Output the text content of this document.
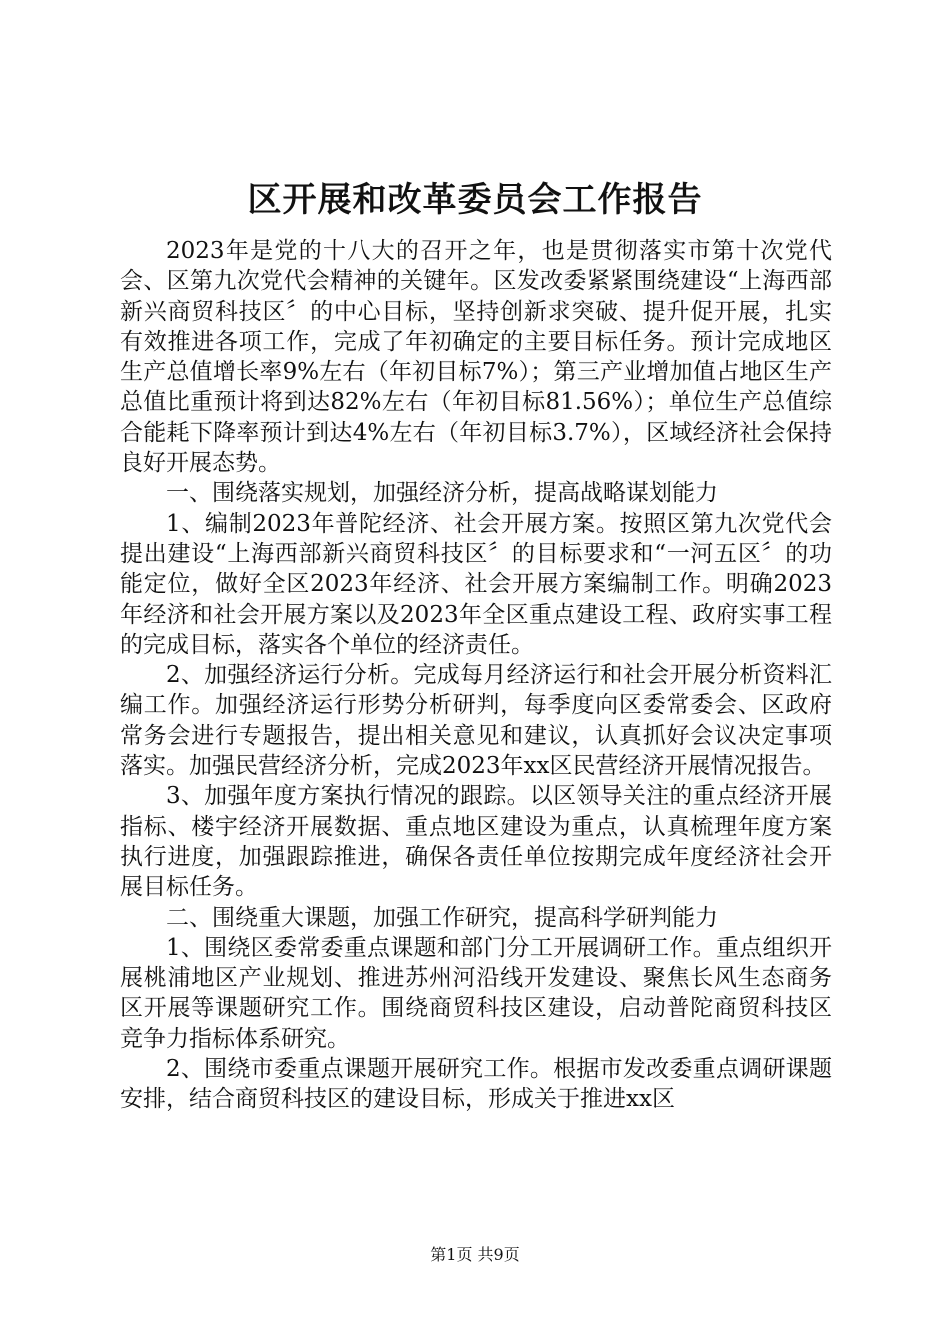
区开展和改革委员会工作报告

2023年是党的十八大的召开之年，也是贯彻落实市第十次党代会、区第九次党代会精神的关键年。区发改委紧紧围绕建设“上海西部新兴商贸科技区〞的中心目标，坚持创新求突破、提升促开展，扎实有效推进各项工作，完成了年初确定的主要目标任务。预计完成地区生产总值增长率9%左右（年初目标7%）；第三产业增加值占地区生产总值比重预计将到达82%左右（年初目标81.56%）；单位生产总值综合能耗下降率预计到达4%左右（年初目标3.7%），区域经济社会保持良好开展态势。

一、围绕落实规划，加强经济分析，提高战略谋划能力

1、编制2023年普陀经济、社会开展方案。按照区第九次党代会提出建设“上海西部新兴商贸科技区〞的目标要求和“一河五区〞的功能定位，做好全区2023年经济、社会开展方案编制工作。明确2023年经济和社会开展方案以及2023年全区重点建设工程、政府实事工程的完成目标，落实各个单位的经济责任。

2、加强经济运行分析。完成每月经济运行和社会开展分析资料汇编工作。加强经济运行形势分析研判，每季度向区委常委会、区政府常务会进行专题报告，提出相关意见和建议，认真抓好会议决定事项落实。加强民营经济分析，完成2023年xx区民营经济开展情况报告。

3、加强年度方案执行情况的跟踪。以区领导关注的重点经济开展指标、楼宇经济开展数据、重点地区建设为重点，认真梳理年度方案执行进度，加强跟踪推进，确保各责任单位按期完成年度经济社会开展目标任务。

二、围绕重大课题，加强工作研究，提高科学研判能力

1、围绕区委常委重点课题和部门分工开展调研工作。重点组织开展桃浦地区产业规划、推进苏州河沿线开发建设、聚焦长风生态商务区开展等课题研究工作。围绕商贸科技区建设，启动普陀商贸科技区竞争力指标体系研究。

2、围绕市委重点课题开展研究工作。根据市发改委重点调研课题安排，结合商贸科技区的建设目标，形成关于推进xx区

第1页 共9页
